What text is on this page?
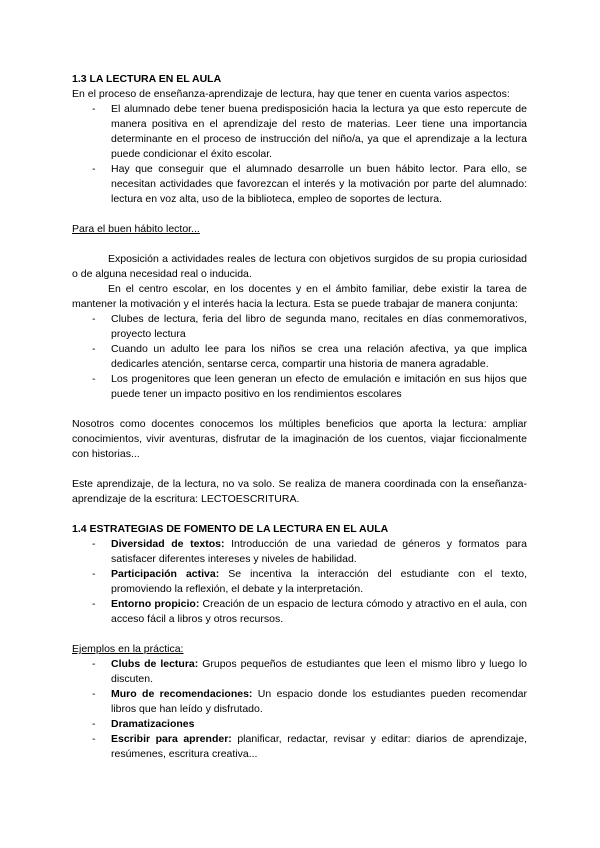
1.3 LA LECTURA EN EL AULA

En el proceso de enseñanza-aprendizaje de lectura, hay que tener en cuenta varios aspectos:

- El alumnado debe tener buena predisposición hacia la lectura ya que esto repercute de manera positiva en el aprendizaje del resto de materias. Leer tiene una importancia determinante en el proceso de instrucción del niño/a, ya que el aprendizaje a la lectura puede condicionar el éxito escolar.
- Hay que conseguir que el alumnado desarrolle un buen hábito lector. Para ello, se necesitan actividades que favorezcan el interés y la motivación por parte del alumnado: lectura en voz alta, uso de la biblioteca, empleo de soportes de lectura.

Para el buen hábito lector...

Exposición a actividades reales de lectura con objetivos surgidos de su propia curiosidad o de alguna necesidad real o inducida.

En el centro escolar, en los docentes y en el ámbito familiar, debe existir la tarea de mantener la motivación y el interés hacia la lectura. Esta se puede trabajar de manera conjunta:

- Clubes de lectura, feria del libro de segunda mano, recitales en días conmemorativos, proyecto lectura
- Cuando un adulto lee para los niños se crea una relación afectiva, ya que implica dedicarles atención, sentarse cerca, compartir una historia de manera agradable.
- Los progenitores que leen generan un efecto de emulación e imitación en sus hijos que puede tener un impacto positivo en los rendimientos escolares

Nosotros como docentes conocemos los múltiples beneficios que aporta la lectura: ampliar conocimientos, vivir aventuras, disfrutar de la imaginación de los cuentos, viajar ficcionalmente con historias...

Este aprendizaje, de la lectura, no va solo. Se realiza de manera coordinada con la enseñanza-aprendizaje de la escritura: LECTOESCRITURA.

1.4 ESTRATEGIAS DE FOMENTO DE LA LECTURA EN EL AULA

- Diversidad de textos: Introducción de una variedad de géneros y formatos para satisfacer diferentes intereses y niveles de habilidad.
- Participación activa: Se incentiva la interacción del estudiante con el texto, promoviendo la reflexión, el debate y la interpretación.
- Entorno propicio: Creación de un espacio de lectura cómodo y atractivo en el aula, con acceso fácil a libros y otros recursos.

Ejemplos en la práctica:

- Clubs de lectura: Grupos pequeños de estudiantes que leen el mismo libro y luego lo discuten.
- Muro de recomendaciones: Un espacio donde los estudiantes pueden recomendar libros que han leído y disfrutado.
- Dramatizaciones
- Escribir para aprender: planificar, redactar, revisar y editar: diarios de aprendizaje, resúmenes, escritura creativa...
